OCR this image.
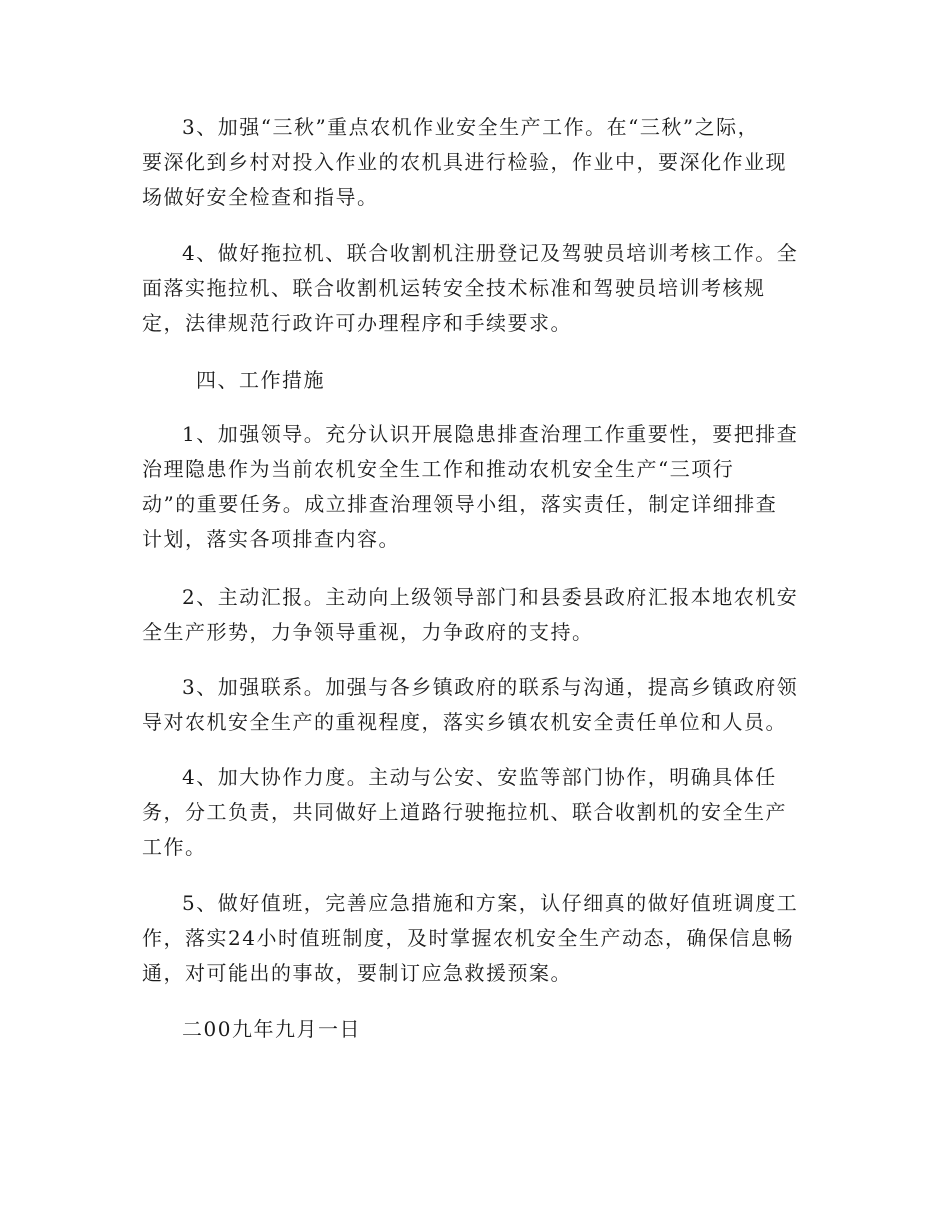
3、加强“三秋”重点农机作业安全生产工作。在“三秋”之际，
要深化到乡村对投入作业的农机具进行检验，作业中，要深化作业现
场做好安全检查和指导。
4、做好拖拉机、联合收割机注册登记及驾驶员培训考核工作。全
面落实拖拉机、联合收割机运转安全技术标准和驾驶员培训考核规
定，法律规范行政许可办理程序和手续要求。
四、工作措施
1、加强领导。充分认识开展隐患排查治理工作重要性，要把排查
治理隐患作为当前农机安全生工作和推动农机安全生产“三项行
动”的重要任务。成立排查治理领导小组，落实责任，制定详细排查
计划，落实各项排查内容。
2、主动汇报。主动向上级领导部门和县委县政府汇报本地农机安
全生产形势，力争领导重视，力争政府的支持。
3、加强联系。加强与各乡镇政府的联系与沟通，提高乡镇政府领
导对农机安全生产的重视程度，落实乡镇农机安全责任单位和人员。
4、加大协作力度。主动与公安、安监等部门协作，明确具体任
务，分工负责，共同做好上道路行驶拖拉机、联合收割机的安全生产
工作。
5、做好值班，完善应急措施和方案，认仔细真的做好值班调度工
作，落实24小时值班制度，及时掌握农机安全生产动态，确保信息畅
通，对可能出的事故，要制订应急救援预案。
二00九年九月一日
